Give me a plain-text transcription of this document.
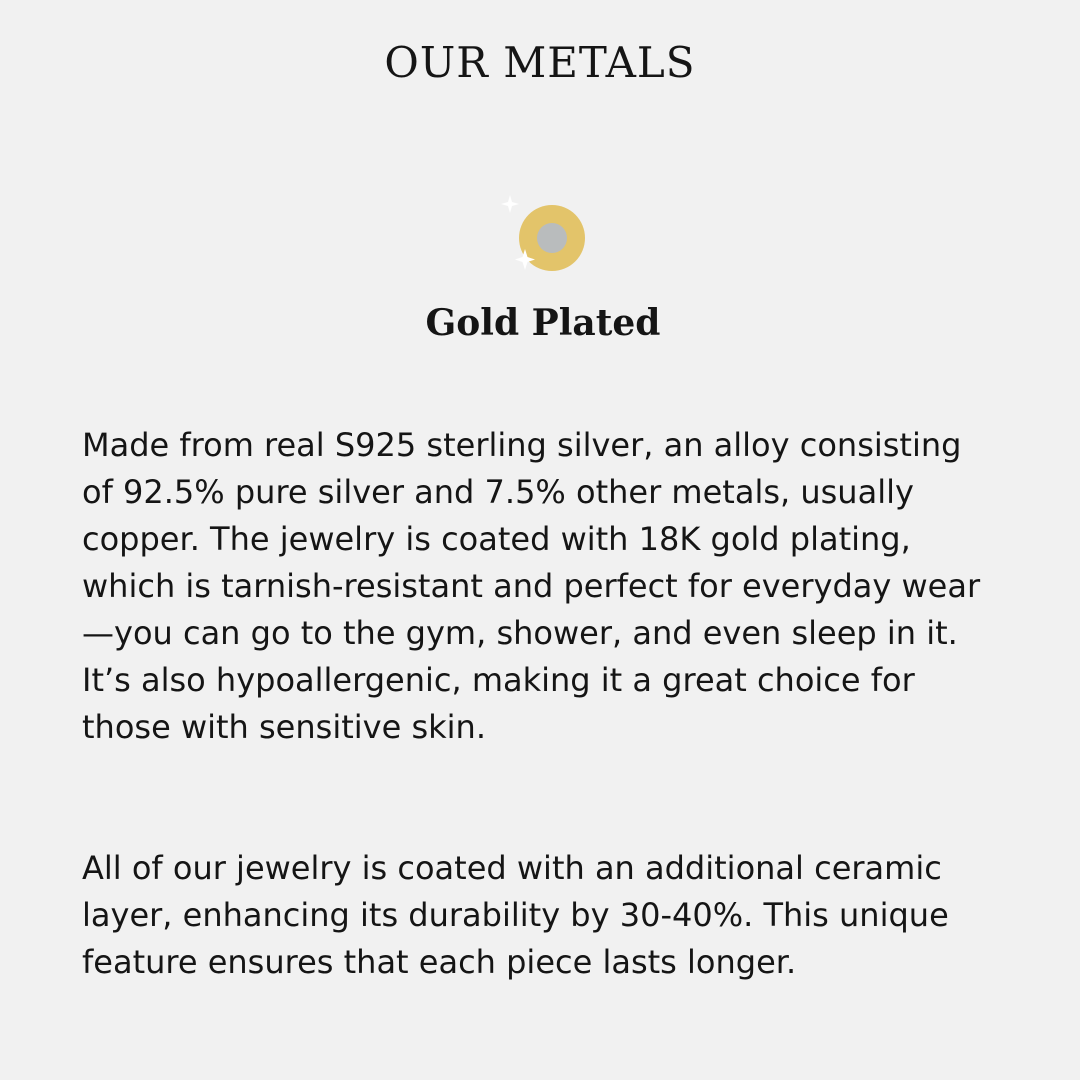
OUR METALS
Gold Plated

Made from real S925 sterling silver, an alloy consisting of 92.5% pure silver and 7.5% other metals, usually copper. The jewelry is coated with 18K gold plating, which is tarnish-resistant and perfect for everyday wear—you can go to the gym, shower, and even sleep in it. It’s also hypoallergenic, making it a great choice for those with sensitive skin.

All of our jewelry is coated with an additional ceramic layer, enhancing its durability by 30-40%. This unique feature ensures that each piece lasts longer.
